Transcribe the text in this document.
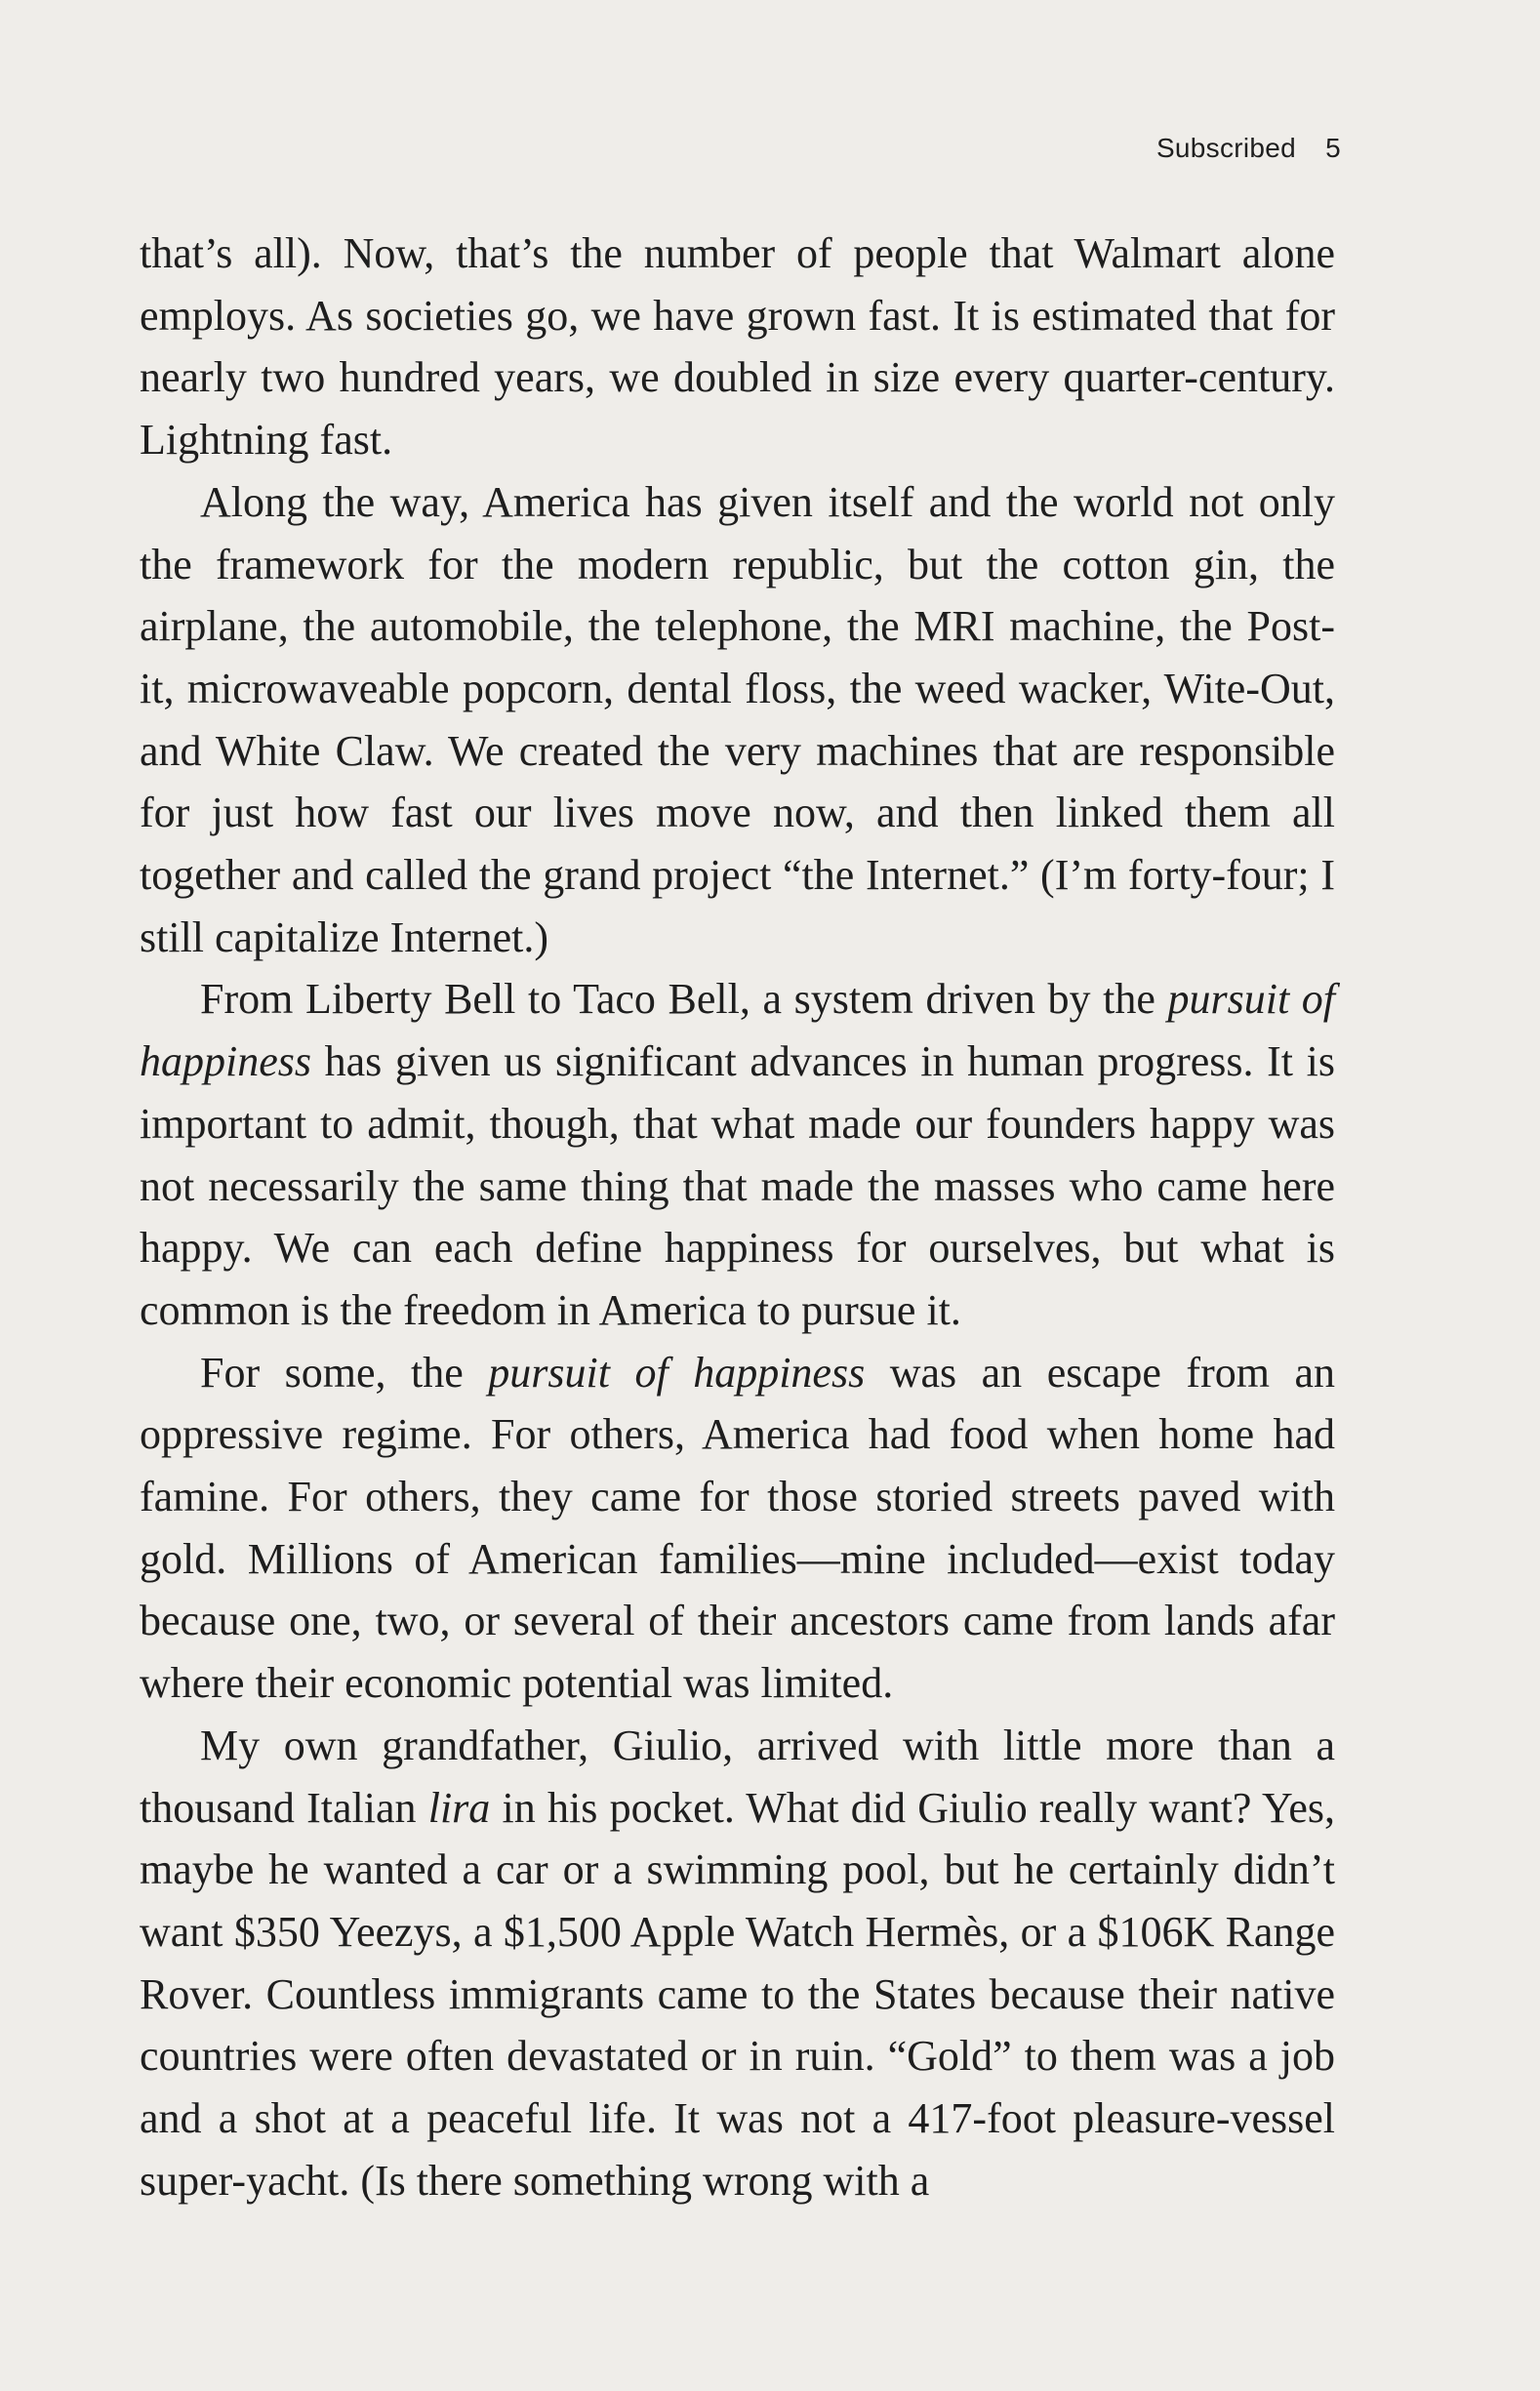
Subscribed 5

that’s all). Now, that’s the number of people that Walmart alone employs. As societies go, we have grown fast. It is estimated that for nearly two hundred years, we doubled in size every quarter-century. Lightning fast.

Along the way, America has given itself and the world not only the framework for the modern republic, but the cotton gin, the airplane, the automobile, the telephone, the MRI machine, the Post-it, microwaveable popcorn, dental floss, the weed wacker, Wite-Out, and White Claw. We created the very machines that are responsible for just how fast our lives move now, and then linked them all together and called the grand project “the Internet.” (I’m forty-four; I still capitalize Internet.)

From Liberty Bell to Taco Bell, a system driven by the pursuit of happiness has given us significant advances in human progress. It is important to admit, though, that what made our founders happy was not necessarily the same thing that made the masses who came here happy. We can each define happiness for ourselves, but what is common is the freedom in America to pursue it.

For some, the pursuit of happiness was an escape from an oppressive regime. For others, America had food when home had famine. For others, they came for those storied streets paved with gold. Millions of American families—mine included—exist today because one, two, or several of their ancestors came from lands afar where their economic potential was limited.

My own grandfather, Giulio, arrived with little more than a thousand Italian lira in his pocket. What did Giulio really want? Yes, maybe he wanted a car or a swimming pool, but he certainly didn’t want $350 Yeezys, a $1,500 Apple Watch Hermès, or a $106K Range Rover. Countless immigrants came to the States because their native countries were often devastated or in ruin. “Gold” to them was a job and a shot at a peaceful life. It was not a 417-foot pleasure-vessel super-yacht. (Is there something wrong with a
